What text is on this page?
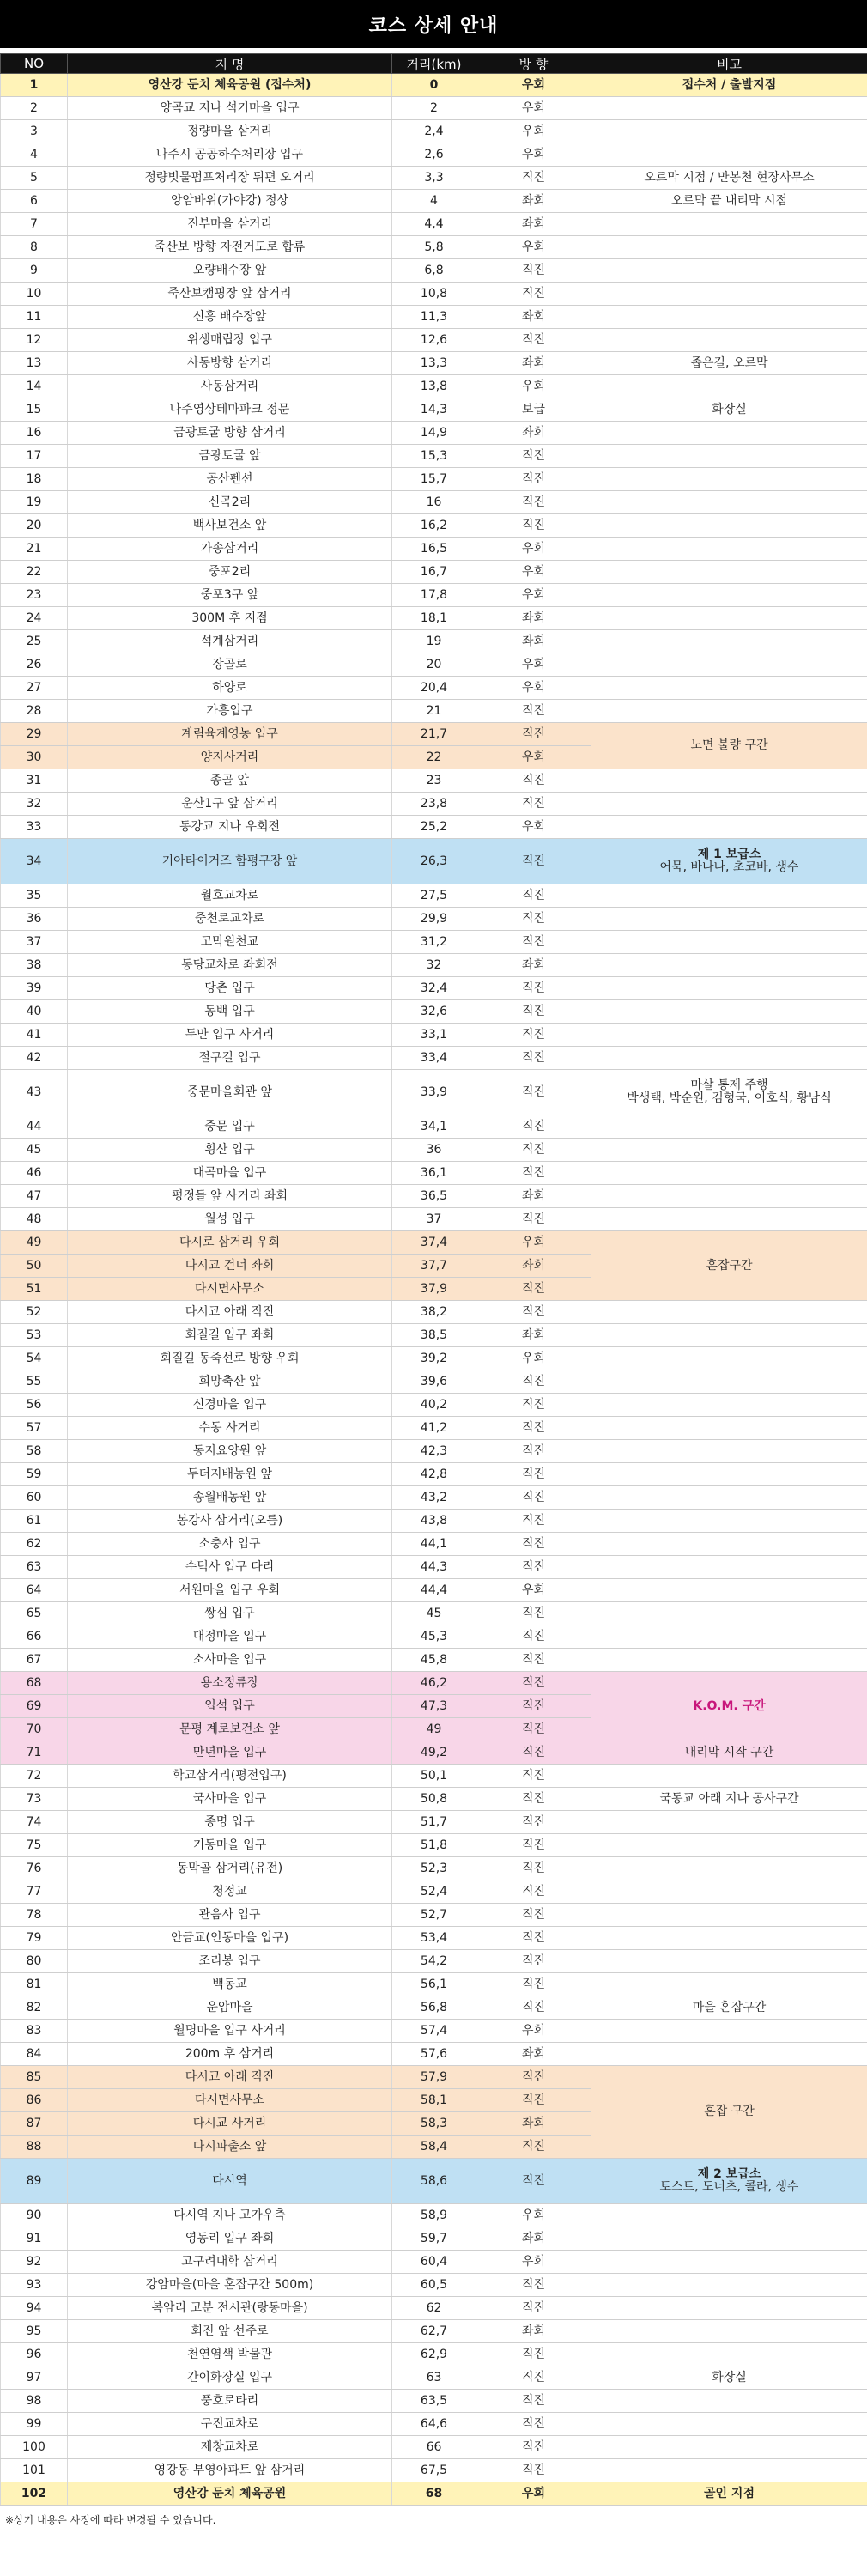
코스 상세 안내
NO	지 명	거리(km)	방 향	비고
1	영산강 둔치 체육공원 (접수처)	0	우회	접수처 / 출발지점

2	양곡교 지나 석기마을 입구	2	우회	
3	정량마을 삼거리	2,4	우회	
4	나주시 공공하수처리장 입구	2,6	우회	
5	정량빗물펌프처리장 뒤편 오거리	3,3	직진	오르막 시점 / 만봉천 현장사무소

6	앙암바위(가야강) 정상	4	좌회	오르막 끝 내리막 시점

7	진부마을 삼거리	4,4	좌회	
8	죽산보 방향 자전거도로 합류	5,8	우회	
9	오량배수장 앞	6,8	직진	
10	죽산보캠핑장 앞 삼거리	10,8	직진	
11	신흥 배수장앞	11,3	좌회	
12	위생매립장 입구	12,6	직진	
13	사동방향 삼거리	13,3	좌회	좁은길, 오르막

14	사동삼거리	13,8	우회	
15	나주영상테마파크 정문	14,3	보급	화장실

16	금광토굴 방향 삼거리	14,9	좌회	
17	금광토굴 앞	15,3	직진	
18	공산펜션	15,7	직진	
19	신곡2리	16	직진	
20	백사보건소 앞	16,2	직진	
21	가송삼거리	16,5	우회	
22	중포2리	16,7	우회	
23	중포3구 앞	17,8	우회	
24	300M 후 지점	18,1	좌회	
25	석계삼거리	19	좌회	
26	장골로	20	우회	
27	하양로	20,4	우회	
28	가흥입구	21	직진	
29	계림육계영농 입구	21,7	직진	노면 불량 구간

30	양지사거리	22	우회	
31	종골 앞	23	직진	
32	운산1구 앞 삼거리	23,8	직진	
33	동강교 지나 우회전	25,2	우회	
34	기아타이거즈 함평구장 앞	26,3	직진	제 1 보급소
어묵, 바나나, 초코바, 생수

35	월호교차로	27,5	직진	
36	중천로교차로	29,9	직진	
37	고막원천교	31,2	직진	
38	동당교차로 좌회전	32	좌회	
39	당촌 입구	32,4	직진	
40	동백 입구	32,6	직진	
41	두만 입구 사거리	33,1	직진	
42	절구길 입구	33,4	직진	
43	중문마을회관 앞	33,9	직진	마살 통제 주행
박생택, 박순원, 김형국, 이호식, 황남식

44	중문 입구	34,1	직진	
45	횡산 입구	36	직진	
46	대곡마을 입구	36,1	직진	
47	평정들 앞 사거리 좌회	36,5	좌회	
48	월성 입구	37	직진	
49	다시로 삼거리 우회	37,4	우회	혼잡구간

50	다시교 건너 좌회	37,7	좌회	
51	다시면사무소	37,9	직진	
52	다시교 아래 직진	38,2	직진	
53	회질길 입구 좌회	38,5	좌회	
54	회질길 동죽선로 방향 우회	39,2	우회	
55	희망축산 앞	39,6	직진	
56	신경마을 입구	40,2	직진	
57	수동 사거리	41,2	직진	
58	동지요양원 앞	42,3	직진	
59	두더지배농원 앞	42,8	직진	
60	송월배농원 앞	43,2	직진	
61	봉강사 삼거리(오름)	43,8	직진	
62	소충사 입구	44,1	직진	
63	수덕사 입구 다리	44,3	직진	
64	서원마을 입구 우회	44,4	우회	
65	쌍심 입구	45	직진	
66	대정마을 입구	45,3	직진	
67	소사마을 입구	45,8	직진	
68	용소정류장	46,2	직진	K.O.M. 구간

69	입석 입구	47,3	직진	
70	문평 계로보건소 앞	49	직진	
71	만년마을 입구	49,2	직진	내리막 시작 구간

72	학교삼거리(평전입구)	50,1	직진	
73	국사마을 입구	50,8	직진	국동교 아래 지나 공사구간

74	종명 입구	51,7	직진	
75	기동마을 입구	51,8	직진	
76	동막골 삼거리(유전)	52,3	직진	
77	청정교	52,4	직진	
78	관음사 입구	52,7	직진	
79	안금교(인동마을 입구)	53,4	직진	
80	조리봉 입구	54,2	직진	
81	백동교	56,1	직진	
82	운암마을	56,8	직진	마을 혼잡구간

83	월명마을 입구 사거리	57,4	우회	
84	200m 후 삼거리	57,6	좌회	
85	다시교 아래 직진	57,9	직진	혼잡 구간

86	다시면사무소	58,1	직진	
87	다시교 사거리	58,3	좌회	
88	다시파출소 앞	58,4	직진	
89	다시역	58,6	직진	제 2 보급소
토스트, 도너츠, 콜라, 생수

90	다시역 지나 고가우측	58,9	우회	
91	영동리 입구 좌회	59,7	좌회	
92	고구려대학 삼거리	60,4	우회	
93	강암마을(마을 혼잡구간 500m)	60,5	직진	
94	복암리 고분 전시관(랑동마을)	62	직진	
95	회진 앞 선주로	62,7	좌회	
96	천연염색 박물관	62,9	직진	
97	간이화장실 입구	63	직진	화장실

98	풍호로타리	63,5	직진	
99	구진교차로	64,6	직진	
100	제창교차로	66	직진	
101	영강동 부영아파트 앞 삼거리	67,5	직진	
102	영산강 둔치 체육공원	68	우회	골인 지점
※상기 내용은 사정에 따라 변경될 수 있습니다.
